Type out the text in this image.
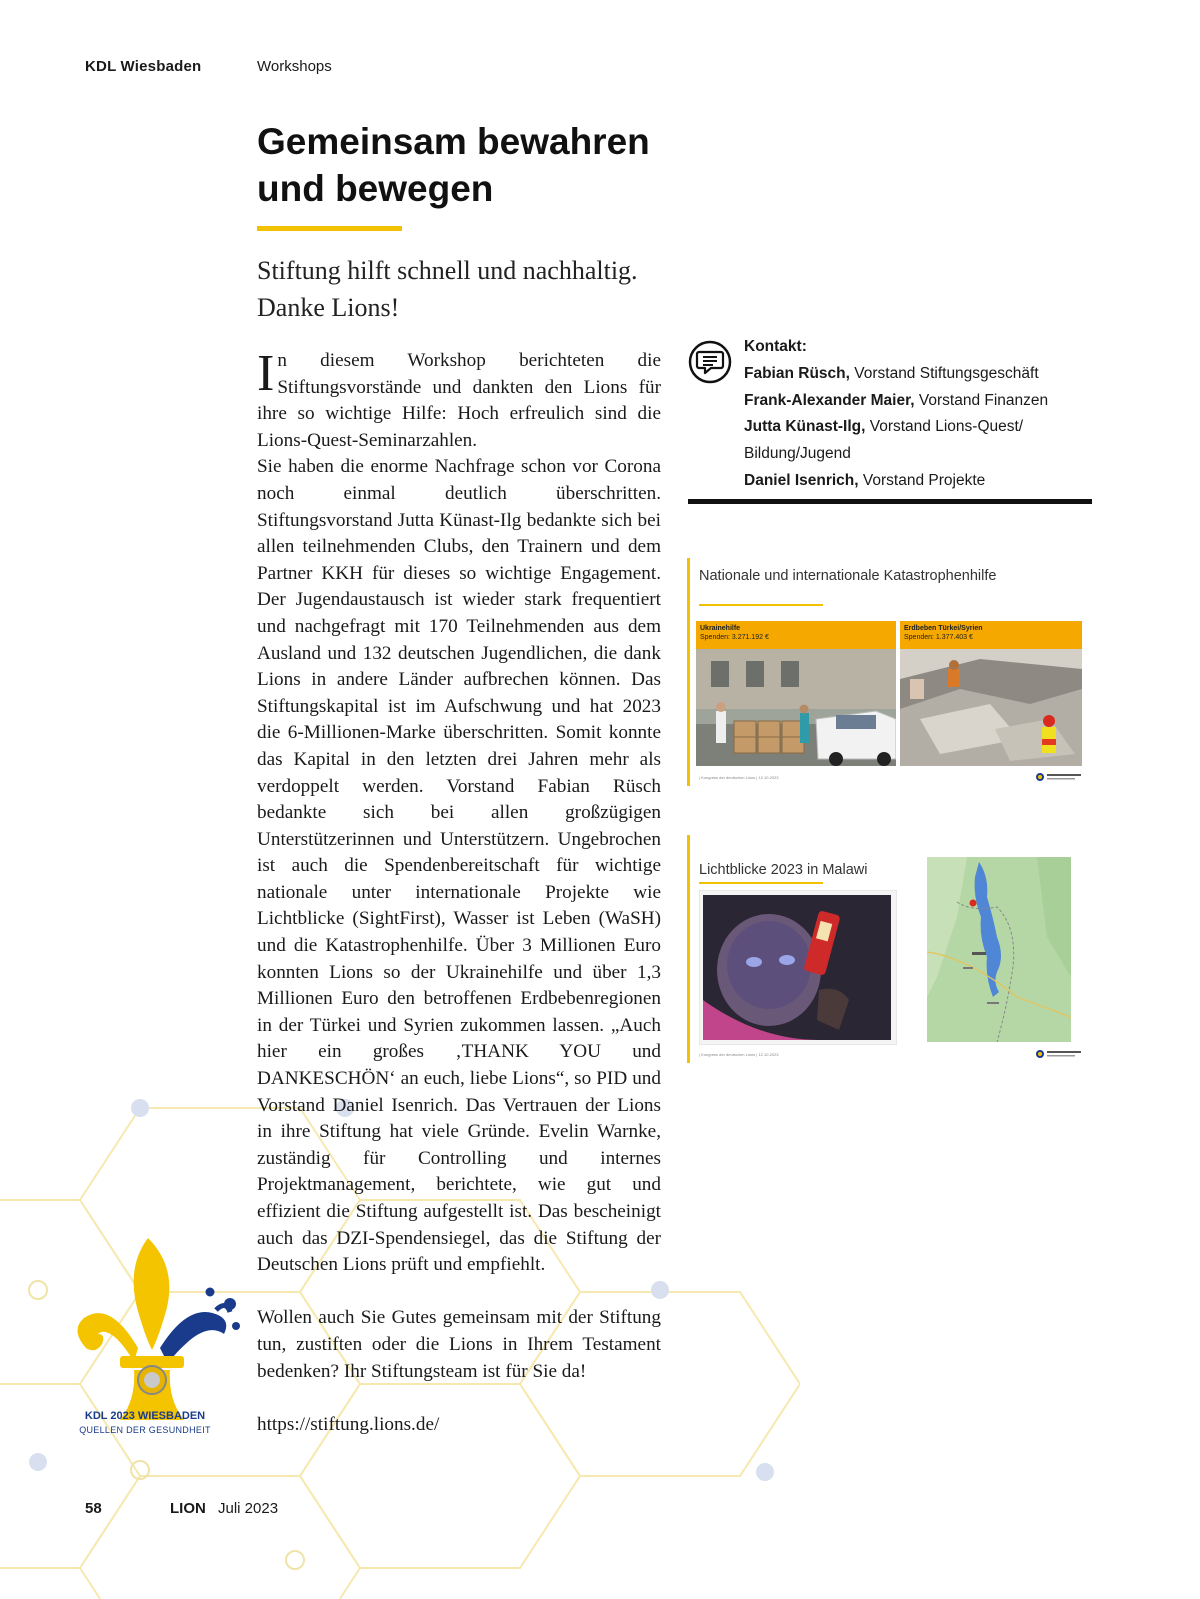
KDL Wiesbaden	Workshops
Gemeinsam bewahren und bewegen
Stiftung hilft schnell und nachhaltig. Danke Lions!

In diesem Workshop berichteten die Stiftungsvorstände und dankten den Lions für ihre so wichtige Hilfe: Hoch erfreulich sind die Lions-Quest-Seminarzahlen.

Sie haben die enorme Nachfrage schon vor Corona noch einmal deutlich überschritten. Stiftungsvorstand Jutta Künast-Ilg bedankte sich bei allen teilnehmenden Clubs, den Trainern und dem Partner KKH für dieses so wichtige Engagement. Der Jugendaustausch ist wieder stark frequentiert und nachgefragt mit 170 Teilnehmenden aus dem Ausland und 132 deutschen Jugendlichen, die dank Lions in andere Länder aufbrechen können. Das Stiftungskapital ist im Aufschwung und hat 2023 die 6-Millionen-Marke überschritten. Somit konnte das Kapital in den letzten drei Jahren mehr als verdoppelt werden. Vorstand Fabian Rüsch bedankte sich bei allen großzügigen Unterstützerinnen und Unterstützern. Ungebrochen ist auch die Spendenbereitschaft für wichtige nationale unter internationale Projekte wie Lichtblicke (SightFirst), Wasser ist Leben (WaSH) und die Katastrophenhilfe. Über 3 Millionen Euro konnten Lions so der Ukrainehilfe und über 1,3 Millionen Euro den betroffenen Erdbebenregionen in der Türkei und Syrien zukommen lassen. „Auch hier ein großes ‚THANK YOU und DANKESCHÖN‘ an euch, liebe Lions“, so PID und Vorstand Daniel Isenrich. Das Vertrauen der Lions in ihre Stiftung hat viele Gründe. Evelin Warnke, zuständig für Controlling und internes Projektmanagement, berichtete, wie gut und effizient die Stiftung aufgestellt ist. Das bescheinigt auch das DZI-Spendensiegel, das die Stiftung der Deutschen Lions prüft und empfiehlt.

Wollen auch Sie Gutes gemeinsam mit der Stiftung tun, zustiften oder die Lions in Ihrem Testament bedenken? Ihr Stiftungsteam ist für Sie da!

https://stiftung.lions.de/

Kontakt:
Fabian Rüsch, Vorstand Stiftungsgeschäft
Frank-Alexander Maier, Vorstand Finanzen
Jutta Künast-Ilg, Vorstand Lions-Quest/ Bildung/Jugend
Daniel Isenrich, Vorstand Projekte
Nationale und internationale Katastrophenhilfe
Ukrainehilfe
Spenden: 3.271.192 €
Erdbeben Türkei/Syrien
Spenden: 1.377.403 €
| Kongress der deutschen Lions | 12.10.2023
Lichtblicke 2023 in Malawi
| Kongress der deutschen Lions | 12.10.2023
KDL 2023 WIESBADEN
QUELLEN DER GESUNDHEIT
58	LION Juli 2023
